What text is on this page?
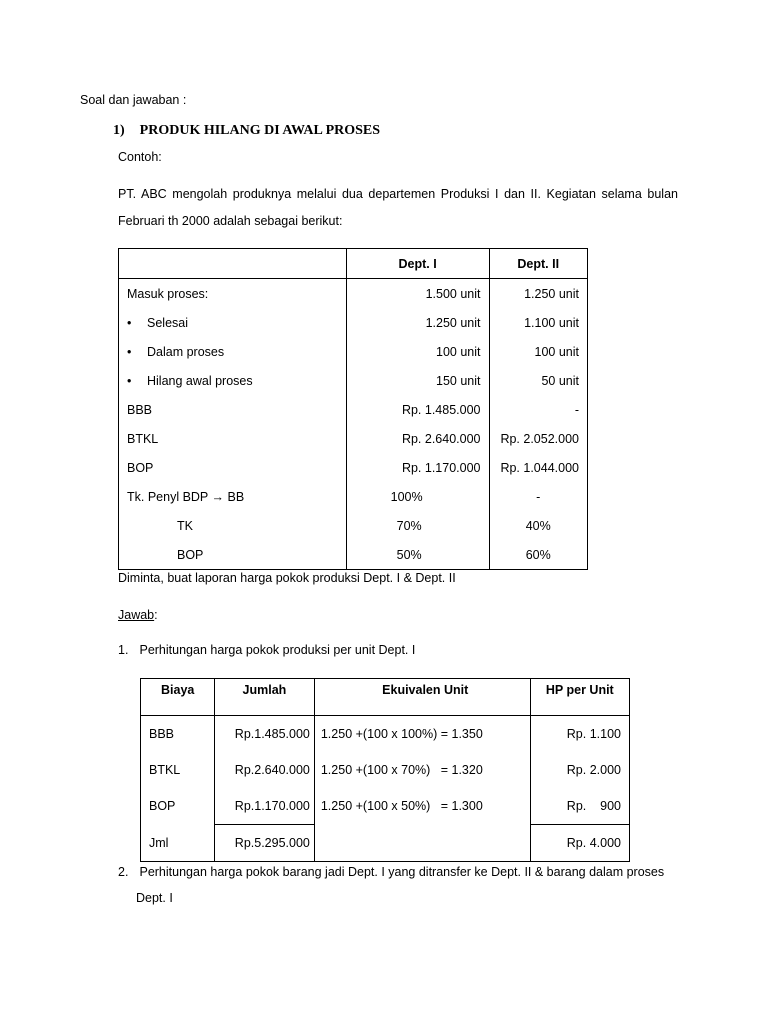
Soal dan jawaban :
1) PRODUK HILANG DI AWAL PROSES
Contoh:
PT. ABC mengolah produknya melalui dua departemen Produksi I dan II. Kegiatan selama bulan
Februari th 2000 adalah sebagai berikut:
	Dept. I	Dept. II
Masuk proses:	1.500 unit	1.250 unit
• Selesai	1.250 unit	1.100 unit
• Dalam proses	100 unit	100 unit
• Hilang awal proses	150 unit	50 unit
BBB	Rp. 1.485.000	-
BTKL	Rp. 2.640.000	Rp. 2.052.000
BOP	Rp. 1.170.000	Rp. 1.044.000
Tk. Penyl BDP → BB	100%	-
TK	70%	40%
BOP	50%	60%
Diminta, buat laporan harga pokok produksi Dept. I & Dept. II
Jawab:
1. Perhitungan harga pokok produksi per unit Dept. I
Biaya	Jumlah	Ekuivalen Unit	HP per Unit
BBB	Rp.1.485.000	1.250 +(100 x 100%) = 1.350	Rp. 1.100
BTKL	Rp.2.640.000	1.250 +(100 x 70%)   = 1.320	Rp. 2.000
BOP	Rp.1.170.000	1.250 +(100 x 50%)   = 1.300	Rp.    900
Jml	Rp.5.295.000		Rp. 4.000
2. Perhitungan harga pokok barang jadi Dept. I yang ditransfer ke Dept. II & barang dalam proses
Dept. I
